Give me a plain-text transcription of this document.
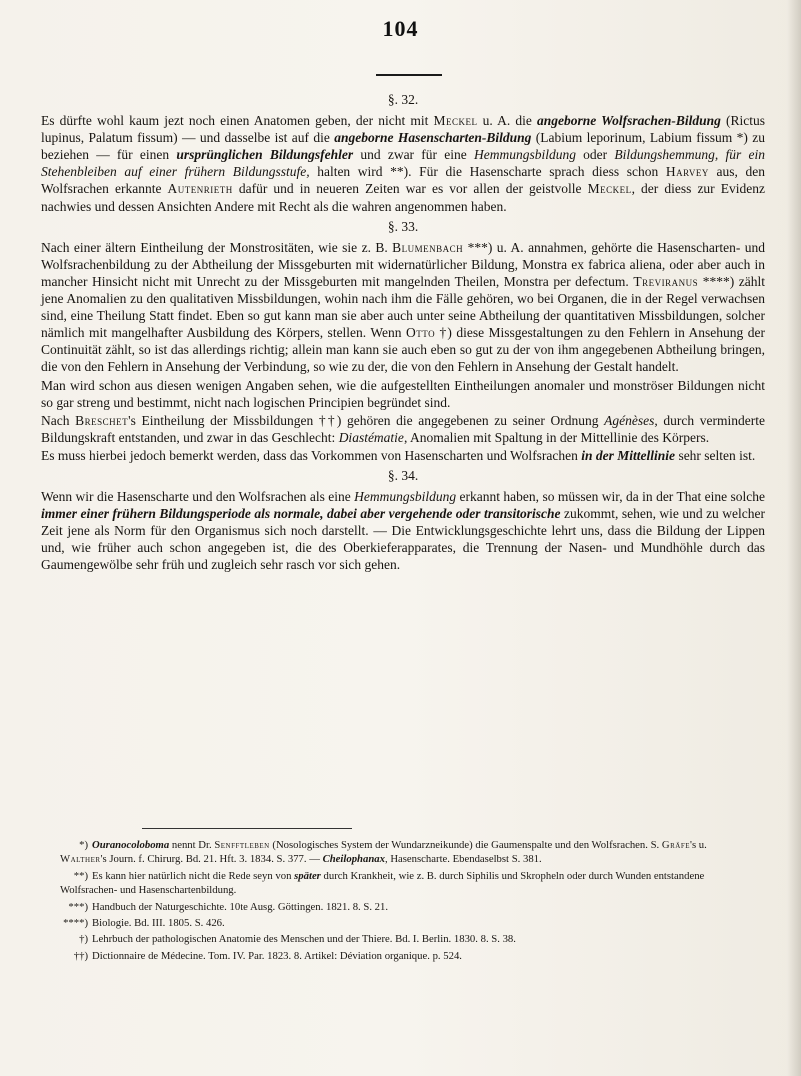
104
§. 32.

Es dürfte wohl kaum jezt noch einen Anatomen geben, der nicht mit Meckel u. A. die angeborne Wolfsrachen-Bildung (Rictus lupinus, Palatum fissum) — und dasselbe ist auf die angeborne Hasenscharten-Bildung (Labium leporinum, Labium fissum *) zu beziehen — für einen ursprünglichen Bildungsfehler und zwar für eine Hemmungsbildung oder Bildungshemmung, für ein Stehenbleiben auf einer frühern Bildungsstufe, halten wird **). Für die Hasenscharte sprach diess schon Harvey aus, den Wolfsrachen erkannte Autenrieth dafür und in neueren Zeiten war es vor allen der geistvolle Meckel, der diess zur Evidenz nachwies und dessen Ansichten Andere mit Recht als die wahren angenommen haben.

§. 33.

Nach einer ältern Eintheilung der Monstrositäten, wie sie z. B. Blumenbach ***) u. A. annahmen, gehörte die Hasenscharten- und Wolfsrachenbildung zu der Abtheilung der Missgeburten mit widernatürlicher Bildung, Monstra ex fabrica aliena, oder aber auch in mancher Hinsicht nicht mit Unrecht zu der Missgeburten mit mangelnden Theilen, Monstra per defectum. Treviranus ****) zählt jene Anomalien zu den qualitativen Missbildungen, wohin nach ihm die Fälle gehören, wo bei Organen, die in der Regel verwachsen sind, eine Theilung Statt findet. Eben so gut kann man sie aber auch unter seine Abtheilung der quantitativen Missbildungen, solcher nämlich mit mangelhafter Ausbildung des Körpers, stellen. Wenn Otto †) diese Missgestaltungen zu den Fehlern in Ansehung der Continuität zählt, so ist das allerdings richtig; allein man kann sie auch eben so gut zu der von ihm angegebenen Abtheilung bringen, die von den Fehlern in Ansehung der Verbindung, so wie zu der, die von den Fehlern in Ansehung der Gestalt handelt.

Man wird schon aus diesen wenigen Angaben sehen, wie die aufgestellten Eintheilungen anomaler und monströser Bildungen nicht so gar streng und bestimmt, nicht nach logischen Principien begründet sind.

Nach Breschet's Eintheilung der Missbildungen ††) gehören die angegebenen zu seiner Ordnung Agénèses, durch verminderte Bildungskraft entstanden, und zwar in das Geschlecht: Diastématie, Anomalien mit Spaltung in der Mittellinie des Körpers.

Es muss hierbei jedoch bemerkt werden, dass das Vorkommen von Hasenscharten und Wolfsrachen in der Mittellinie sehr selten ist.

§. 34.

Wenn wir die Hasenscharte und den Wolfsrachen als eine Hemmungsbildung erkannt haben, so müssen wir, da in der That eine solche immer einer frühern Bildungsperiode als normale, dabei aber vergehende oder transitorische zukommt, sehen, wie und zu welcher Zeit jene als Norm für den Organismus sich noch darstellt. — Die Entwicklungsgeschichte lehrt uns, dass die Bildung der Lippen und, wie früher auch schon angegeben ist, die des Oberkieferapparates, die Trennung der Nasen- und Mundhöhle durch das Gaumengewölbe sehr früh und zugleich sehr rasch vor sich gehen.

*) Ouranocoloboma nennt Dr. Senfftleben (Nosologisches System der Wundarzneikunde) die Gaumenspalte und den Wolfsrachen. S. Gräfe's u. Walther's Journ. f. Chirurg. Bd. 21. Hft. 3. 1834. S. 377. — Cheilophanax, Hasenscharte. Ebendaselbst S. 381.
**) Es kann hier natürlich nicht die Rede seyn von später durch Krankheit, wie z. B. durch Siphilis und Skropheln oder durch Wunden entstandene Wolfsrachen- und Hasenschartenbildung.
***) Handbuch der Naturgeschichte. 10te Ausg. Göttingen. 1821. 8. S. 21.
****) Biologie. Bd. III. 1805. S. 426.
†) Lehrbuch der pathologischen Anatomie des Menschen und der Thiere. Bd. I. Berlin. 1830. 8. S. 38.
††) Dictionnaire de Médecine. Tom. IV. Par. 1823. 8. Artikel: Déviation organique. p. 524.
